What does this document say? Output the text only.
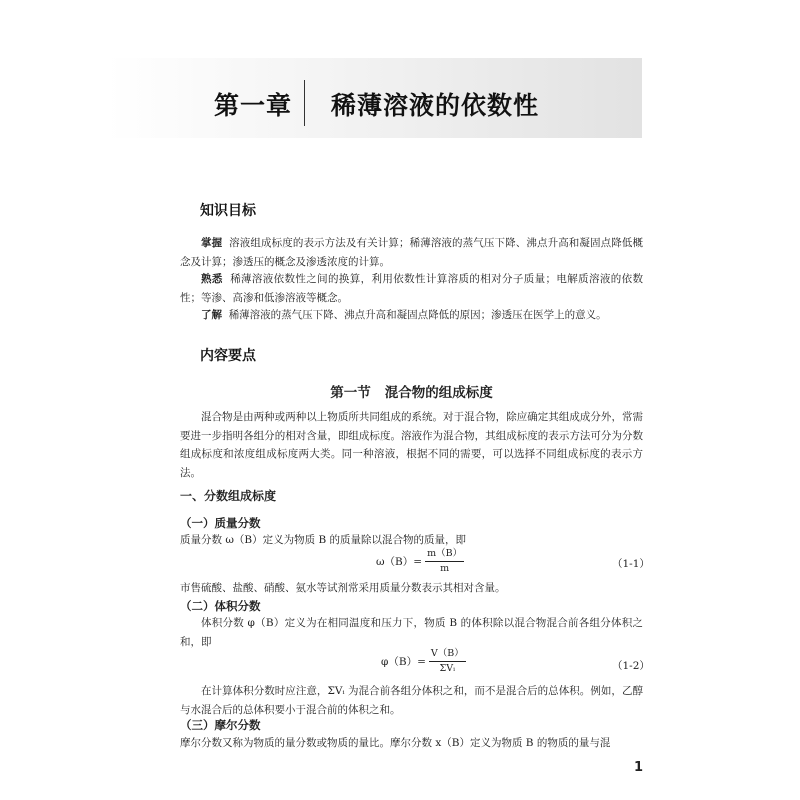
第一章 稀薄溶液的依数性
知识目标

掌握 溶液组成标度的表示方法及有关计算；稀薄溶液的蒸气压下降、沸点升高和凝固点降低概念及计算；渗透压的概念及渗透浓度的计算。

熟悉 稀薄溶液依数性之间的换算，利用依数性计算溶质的相对分子质量；电解质溶液的依数性；等渗、高渗和低渗溶液等概念。

了解 稀薄溶液的蒸气压下降、沸点升高和凝固点降低的原因；渗透压在医学上的意义。

内容要点
第一节 混合物的组成标度

混合物是由两种或两种以上物质所共同组成的系统。对于混合物，除应确定其组成成分外，常需要进一步指明各组分的相对含量，即组成标度。溶液作为混合物，其组成标度的表示方法可分为分数组成标度和浓度组成标度两大类。同一种溶液，根据不同的需要，可以选择不同组成标度的表示方法。

一、分数组成标度
（一）质量分数
质量分数 ω（B）定义为物质 B 的质量除以混合物的质量，即
$\omega(B)= \frac{m(B)}{m}$	（1-1）
市售硫酸、盐酸、硝酸、氨水等试剂常采用质量分数表示其相对含量。
（二）体积分数

体积分数 φ（B）定义为在相同温度和压力下，物质 B 的体积除以混合物混合前各组分体积之和，即

$\varphi(B)= \frac{V(B)}{\text{ΣVᵢ}}$	（1-2）

在计算体积分数时应注意，ΣVᵢ 为混合前各组分体积之和，而不是混合后的总体积。例如，乙醇与水混合后的总体积要小于混合前的体积之和。

（三）摩尔分数
摩尔分数又称为物质的量分数或物质的量比。摩尔分数 x（B）定义为物质 B 的物质的量与混
1
